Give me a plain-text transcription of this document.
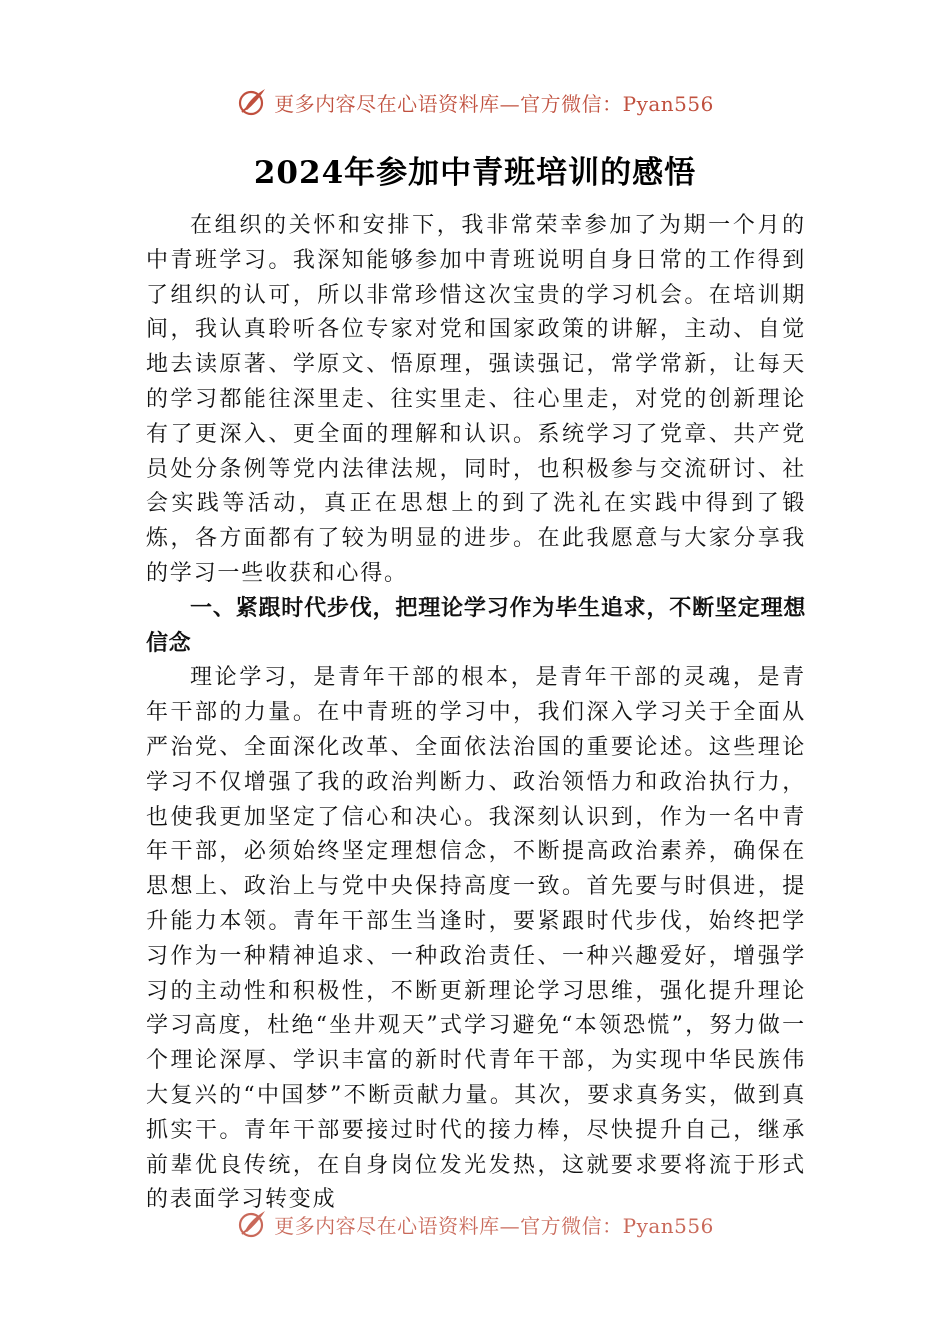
更多内容尽在心语资料库—官方微信：Pyan556
2024年参加中青班培训的感悟

在组织的关怀和安排下，我非常荣幸参加了为期一个月的中青班学习。我深知能够参加中青班说明自身日常的工作得到了组织的认可，所以非常珍惜这次宝贵的学习机会。在培训期间，我认真聆听各位专家对党和国家政策的讲解，主动、自觉地去读原著、学原文、悟原理，强读强记，常学常新，让每天的学习都能往深里走、往实里走、往心里走，对党的创新理论有了更深入、更全面的理解和认识。系统学习了党章、共产党员处分条例等党内法律法规，同时，也积极参与交流研讨、社会实践等活动，真正在思想上的到了洗礼在实践中得到了锻炼，各方面都有了较为明显的进步。在此我愿意与大家分享我的学习一些收获和心得。

一、紧跟时代步伐，把理论学习作为毕生追求，不断坚定理想信念

理论学习，是青年干部的根本，是青年干部的灵魂，是青年干部的力量。在中青班的学习中，我们深入学习关于全面从严治党、全面深化改革、全面依法治国的重要论述。这些理论学习不仅增强了我的政治判断力、政治领悟力和政治执行力，也使我更加坚定了信心和决心。我深刻认识到，作为一名中青年干部，必须始终坚定理想信念，不断提高政治素养，确保在思想上、政治上与党中央保持高度一致。首先要与时俱进，提升能力本领。青年干部生当逢时，要紧跟时代步伐，始终把学习作为一种精神追求、一种政治责任、一种兴趣爱好，增强学习的主动性和积极性，不断更新理论学习思维，强化提升理论学习高度，杜绝“坐井观天”式学习避免“本领恐慌”，努力做一个理论深厚、学识丰富的新时代青年干部，为实现中华民族伟大复兴的“中国梦”不断贡献力量。其次，要求真务实，做到真抓实干。青年干部要接过时代的接力棒，尽快提升自己，继承前辈优良传统，在自身岗位发光发热，这就要求要将流于形式的表面学习转变成

更多内容尽在心语资料库—官方微信：Pyan556
